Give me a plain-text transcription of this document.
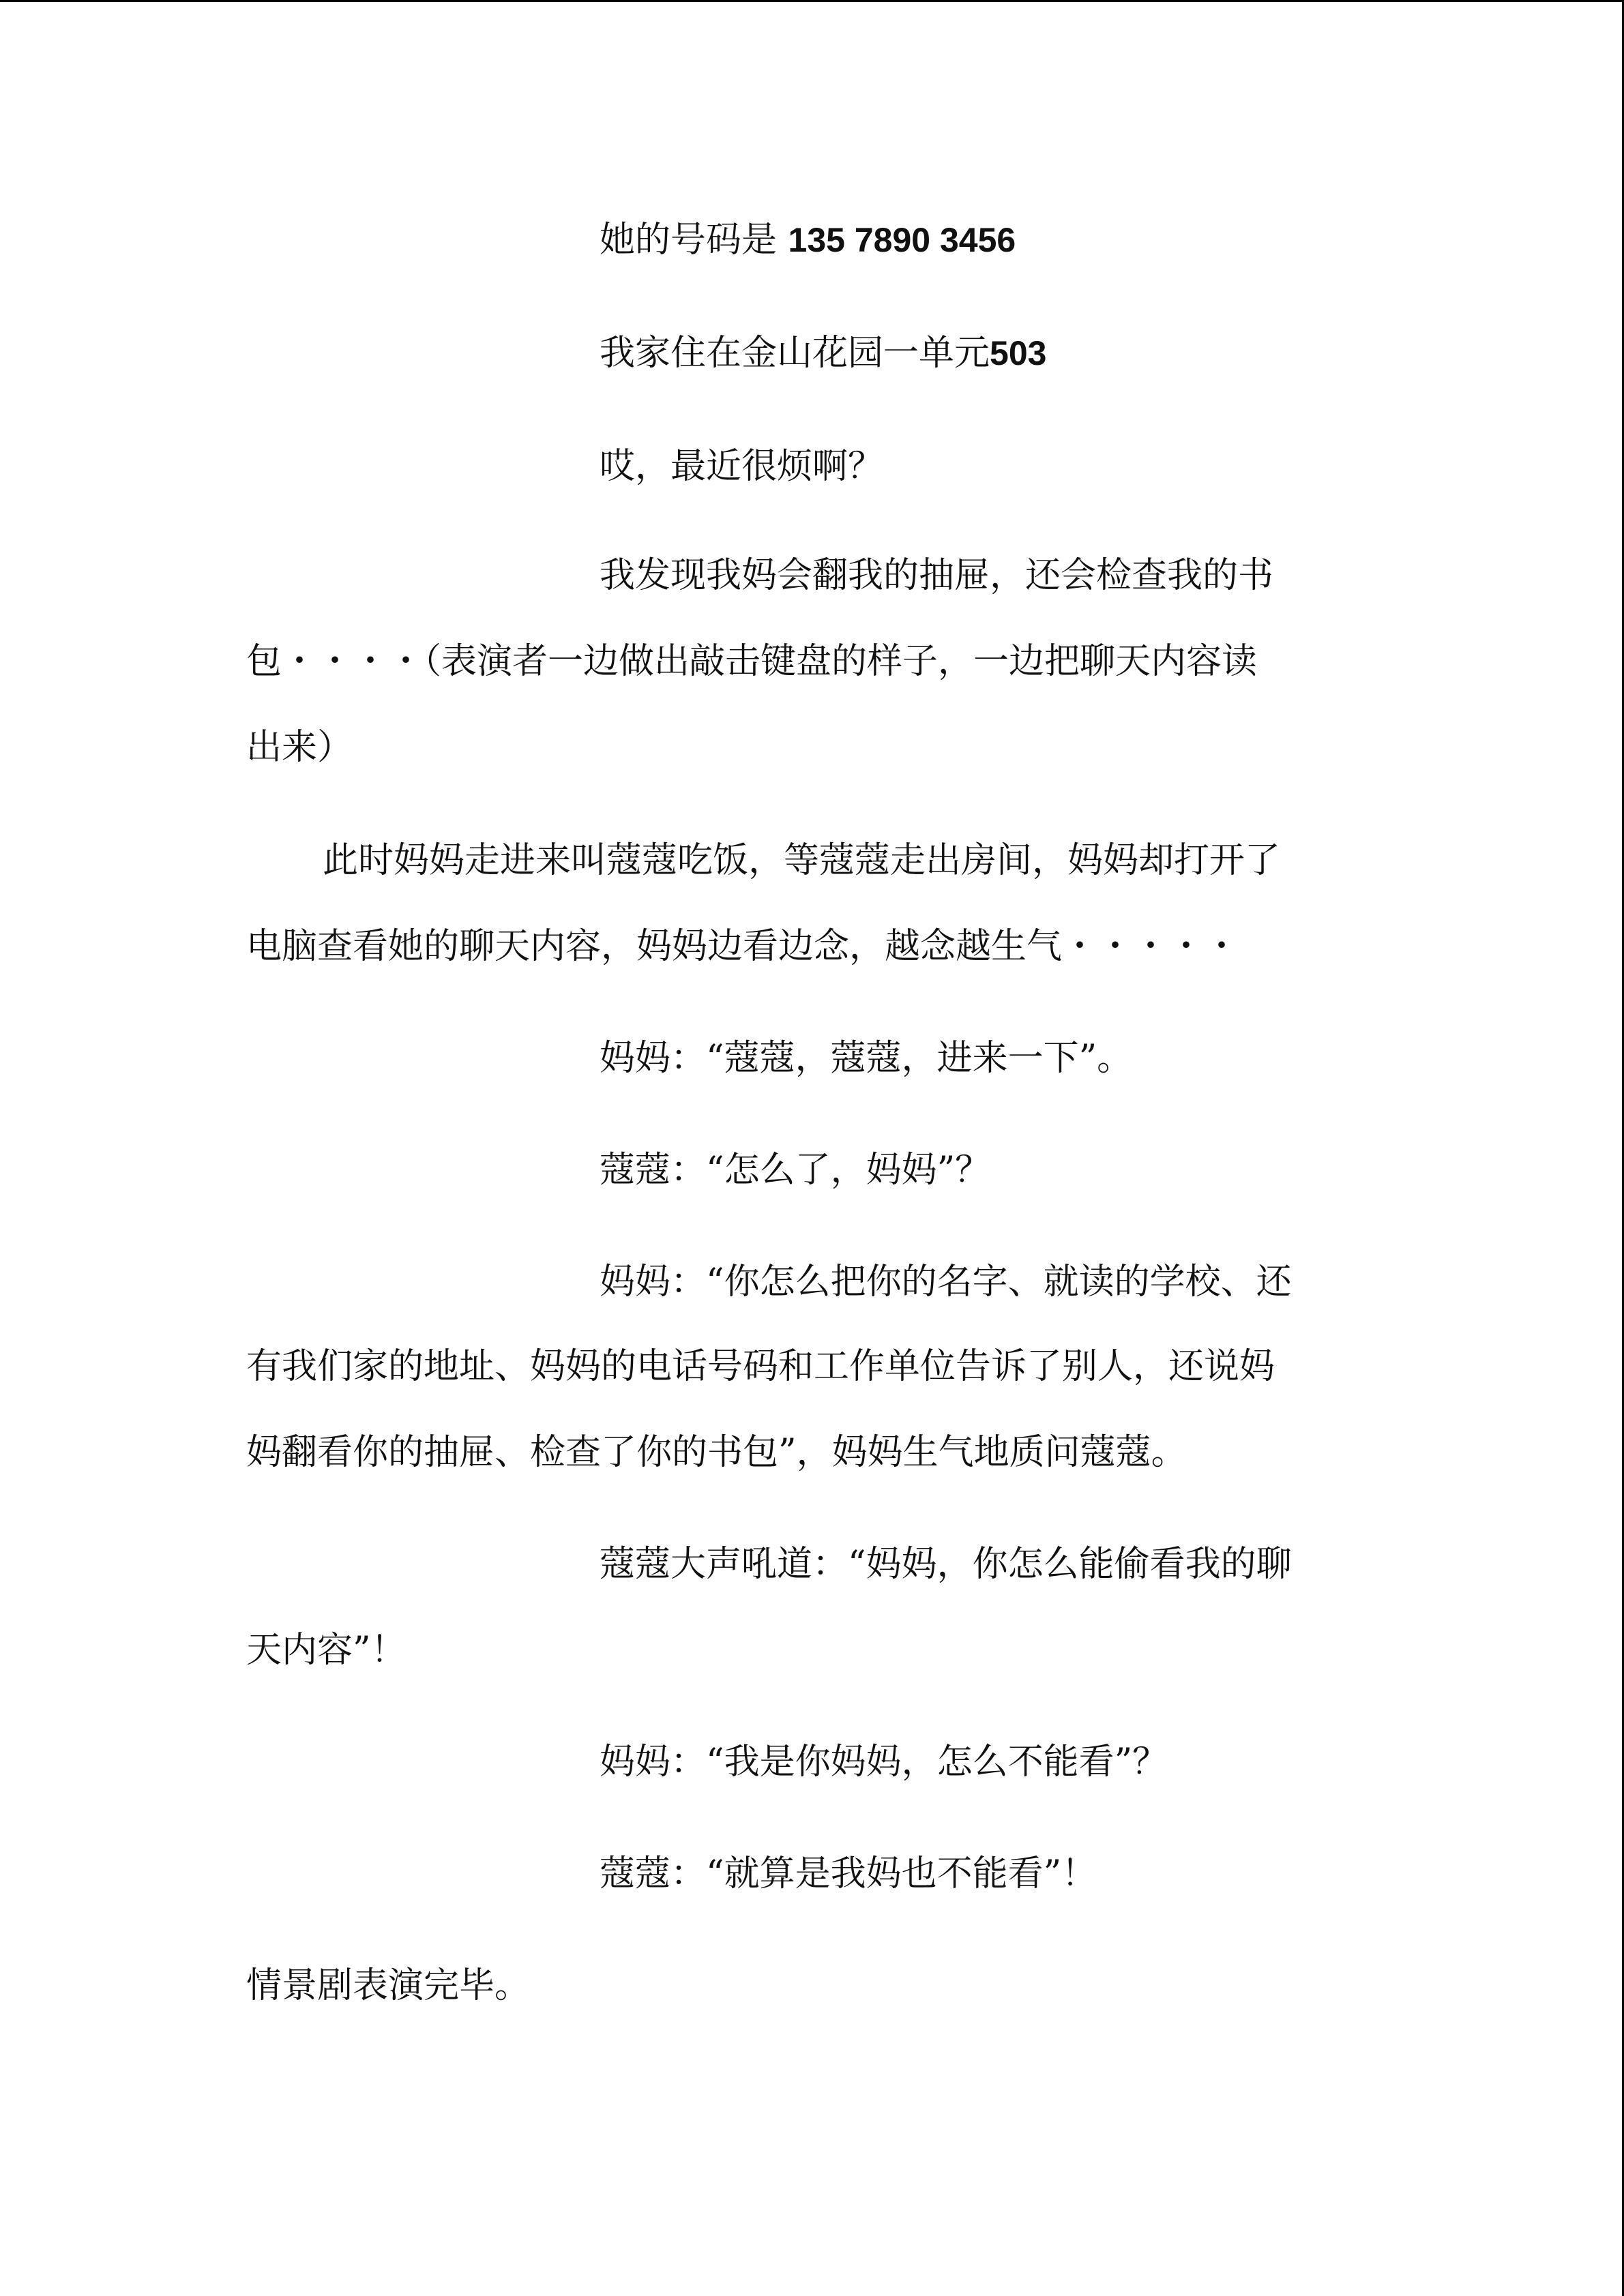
她的号码是 135 7890 3456
我家住在金山花园一单元503
哎，最近很烦啊？
我发现我妈会翻我的抽屉，还会检查我的书
包・・・・（表演者一边做出敲击键盘的样子，一边把聊天内容读
出来）
此时妈妈走进来叫蔻蔻吃饭，等蔻蔻走出房间，妈妈却打开了
电脑查看她的聊天内容，妈妈边看边念，越念越生气・・・・・
妈妈：“蔻蔻，蔻蔻，进来一下”。
蔻蔻：“怎么了，妈妈”？
妈妈：“你怎么把你的名字、就读的学校、还
有我们家的地址、妈妈的电话号码和工作单位告诉了别人，还说妈
妈翻看你的抽屉、检查了你的书包”，妈妈生气地质问蔻蔻。
蔻蔻大声吼道：“妈妈，你怎么能偷看我的聊
天内容”！
妈妈：“我是你妈妈，怎么不能看”？
蔻蔻：“就算是我妈也不能看”！
情景剧表演完毕。
